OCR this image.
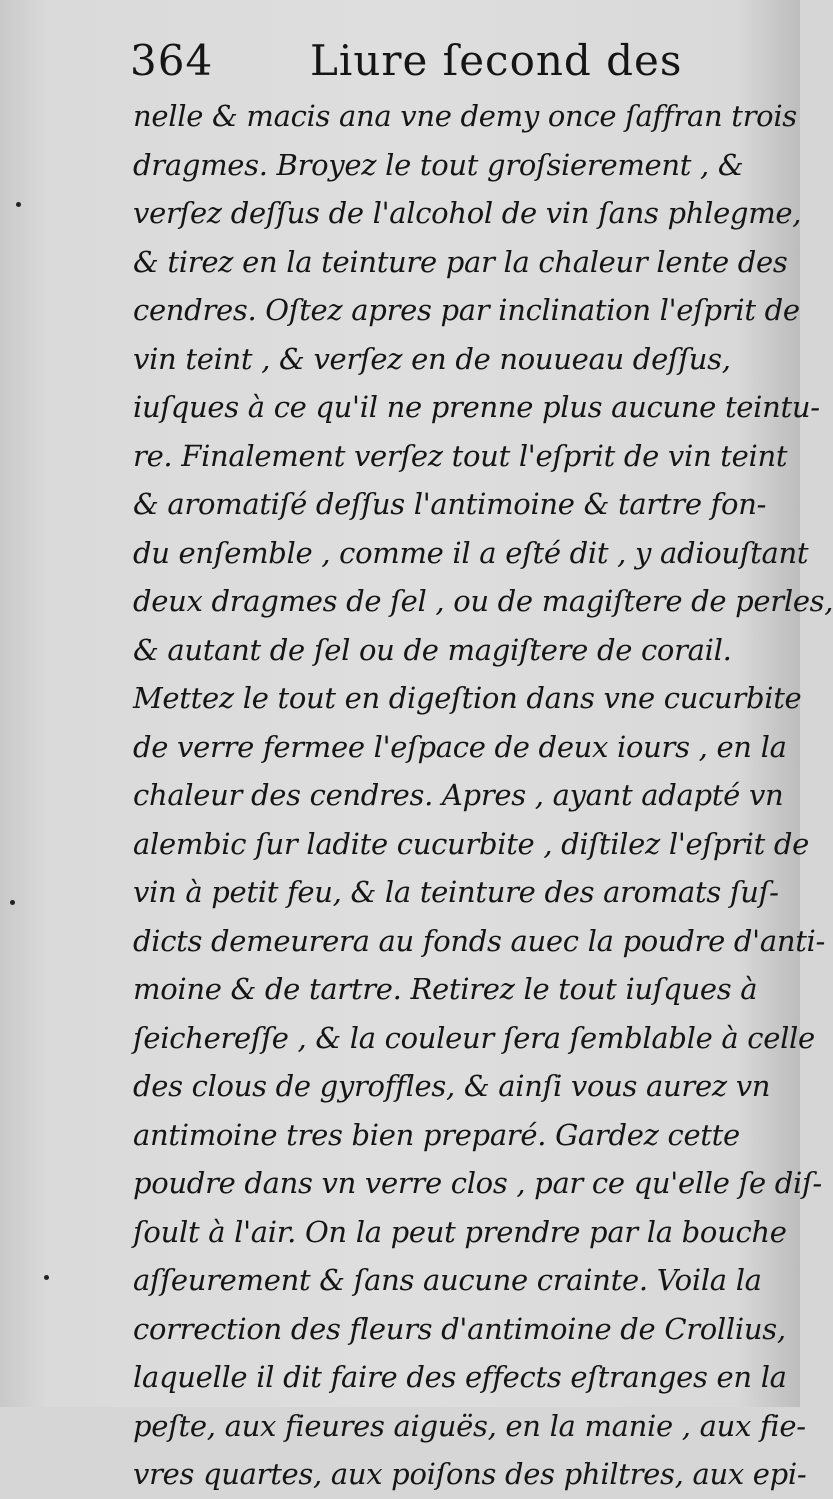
364 Liure ſecond des
nelle & macis ana vne demy once ſaffran trois
dragmes. Broyez le tout groſsierement , &
verſez deſſus de l'alcohol de vin ſans phlegme,
& tirez en la teinture par la chaleur lente des
cendres. Oſtez apres par inclination l'eſprit de
vin teint , & verſez en de nouueau deſſus,
iuſques à ce qu'il ne prenne plus aucune teintu-
re. Finalement verſez tout l'eſprit de vin teint
& aromatiſé deſſus l'antimoine & tartre fon-
du enſemble , comme il a eſté dit , y adiouſtant
deux dragmes de ſel , ou de magiſtere de perles,
& autant de ſel ou de magiſtere de corail.
Mettez le tout en digeſtion dans vne cucurbite
de verre fermee l'eſpace de deux iours , en la
chaleur des cendres. Apres , ayant adapté vn
alembic ſur ladite cucurbite , diſtilez l'eſprit de
vin à petit feu, & la teinture des aromats ſuſ-
dicts demeurera au fonds auec la poudre d'anti-
moine & de tartre. Retirez le tout iuſques à
ſeichereſſe , & la couleur ſera ſemblable à celle
des clous de gyroffles, & ainſi vous aurez vn
antimoine tres bien preparé. Gardez cette
poudre dans vn verre clos , par ce qu'elle ſe diſ-
ſoult à l'air. On la peut prendre par la bouche
aſſeurement & ſans aucune crainte. Voila la
correction des fleurs d'antimoine de Crollius,
laquelle il dit faire des effects eſtranges en la
peſte, aux fieures aiguës, en la manie , aux fie-
vres quartes, aux poiſons des philtres, aux epi-
